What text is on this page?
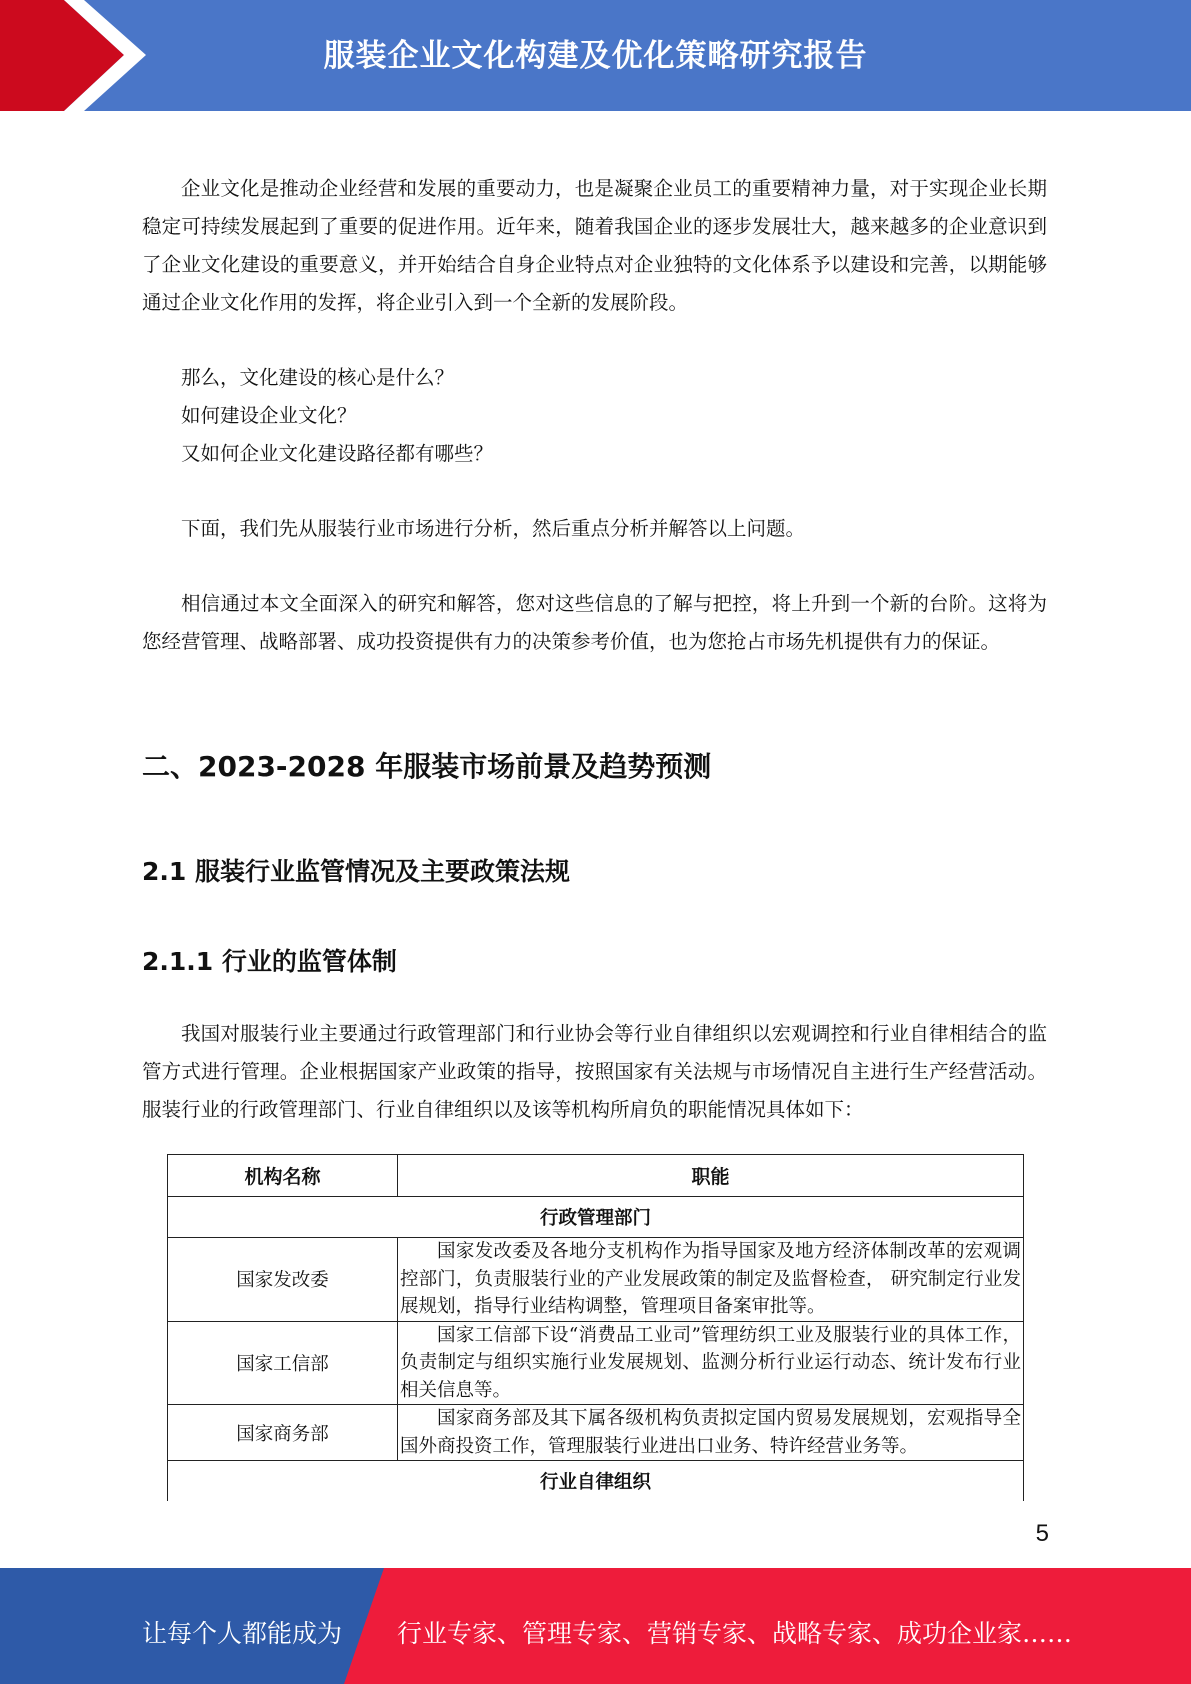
服装企业文化构建及优化策略研究报告

企业文化是推动企业经营和发展的重要动力，也是凝聚企业员工的重要精神力量，对于实现企业长期稳定可持续发展起到了重要的促进作用。近年来，随着我国企业的逐步发展壮大，越来越多的企业意识到了企业文化建设的重要意义，并开始结合自身企业特点对企业独特的文化体系予以建设和完善，以期能够通过企业文化作用的发挥，将企业引入到一个全新的发展阶段。

那么，文化建设的核心是什么？

如何建设企业文化？

又如何企业文化建设路径都有哪些？

下面，我们先从服装行业市场进行分析，然后重点分析并解答以上问题。

相信通过本文全面深入的研究和解答，您对这些信息的了解与把控，将上升到一个新的台阶。这将为您经营管理、战略部署、成功投资提供有力的决策参考价值，也为您抢占市场先机提供有力的保证。

二、2023-2028 年服装市场前景及趋势预测
2.1 服装行业监管情况及主要政策法规
2.1.1 行业的监管体制

我国对服装行业主要通过行政管理部门和行业协会等行业自律组织以宏观调控和行业自律相结合的监管方式进行管理。企业根据国家产业政策的指导，按照国家有关法规与市场情况自主进行生产经营活动。服装行业的行政管理部门、行业自律组织以及该等机构所肩负的职能情况具体如下：

机构名称	职能
行政管理部门	
国家发改委	国家发改委及各地分支机构作为指导国家及地方经济体制改革的宏观调控部门，负责服装行业的产业发展政策的制定及监督检查， 研究制定行业发展规划，指导行业结构调整，管理项目备案审批等。
国家工信部	国家工信部下设“消费品工业司”管理纺织工业及服装行业的具体工作，负责制定与组织实施行业发展规划、监测分析行业运行动态、统计发布行业相关信息等。
国家商务部	国家商务部及其下属各级机构负责拟定国内贸易发展规划，宏观指导全国外商投资工作，管理服装行业进出口业务、特许经营业务等。
行业自律组织	
5
让每个人都能成为 行业专家、管理专家、营销专家、战略专家、成功企业家……
